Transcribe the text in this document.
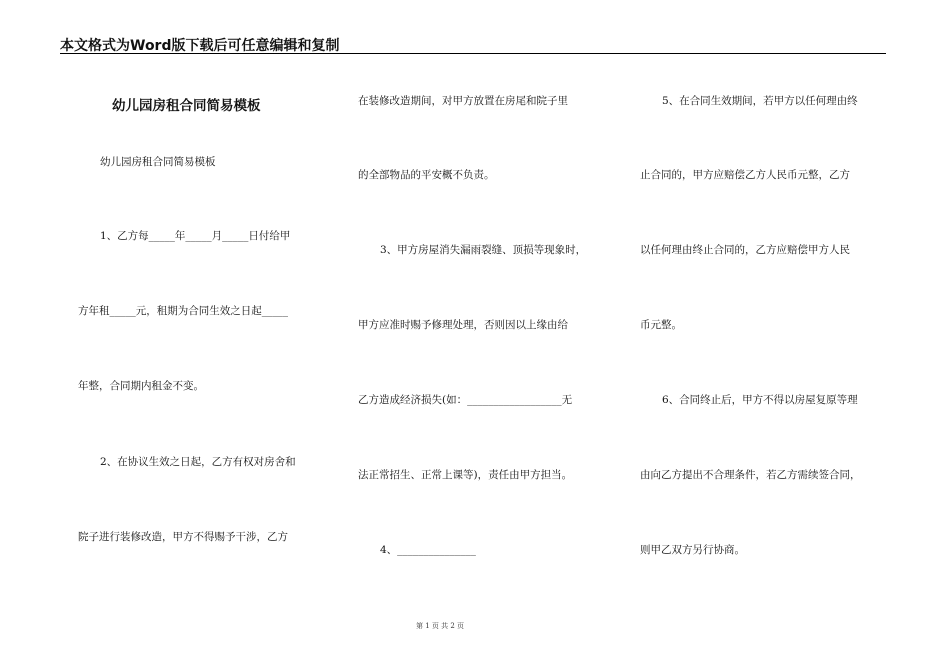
本文格式为Word版下载后可任意编辑和复制
幼儿园房租合同简易模板
幼儿园房租合同简易模板
1、乙方每_____年_____月_____日付给甲
方年租_____元，租期为合同生效之日起_____
年整，合同期内租金不变。
2、在协议生效之日起，乙方有权对房舍和
院子进行装修改造，甲方不得赐予干涉，乙方
在装修改造期间，对甲方放置在房尾和院子里
的全部物品的平安概不负责。
3、甲方房屋消失漏雨裂缝、顶损等现象时，
甲方应准时赐予修理处理，否则因以上缘由给
乙方造成经济损失(如：__________________无
法正常招生、正常上课等)，责任由甲方担当。
4、_______________
5、在合同生效期间，若甲方以任何理由终
止合同的，甲方应赔偿乙方人民币元整，乙方
以任何理由终止合同的，乙方应赔偿甲方人民
币元整。
6、合同终止后，甲方不得以房屋复原等理
由向乙方提出不合理条件，若乙方需续签合同，
则甲乙双方另行协商。
第 1 页 共 2 页
